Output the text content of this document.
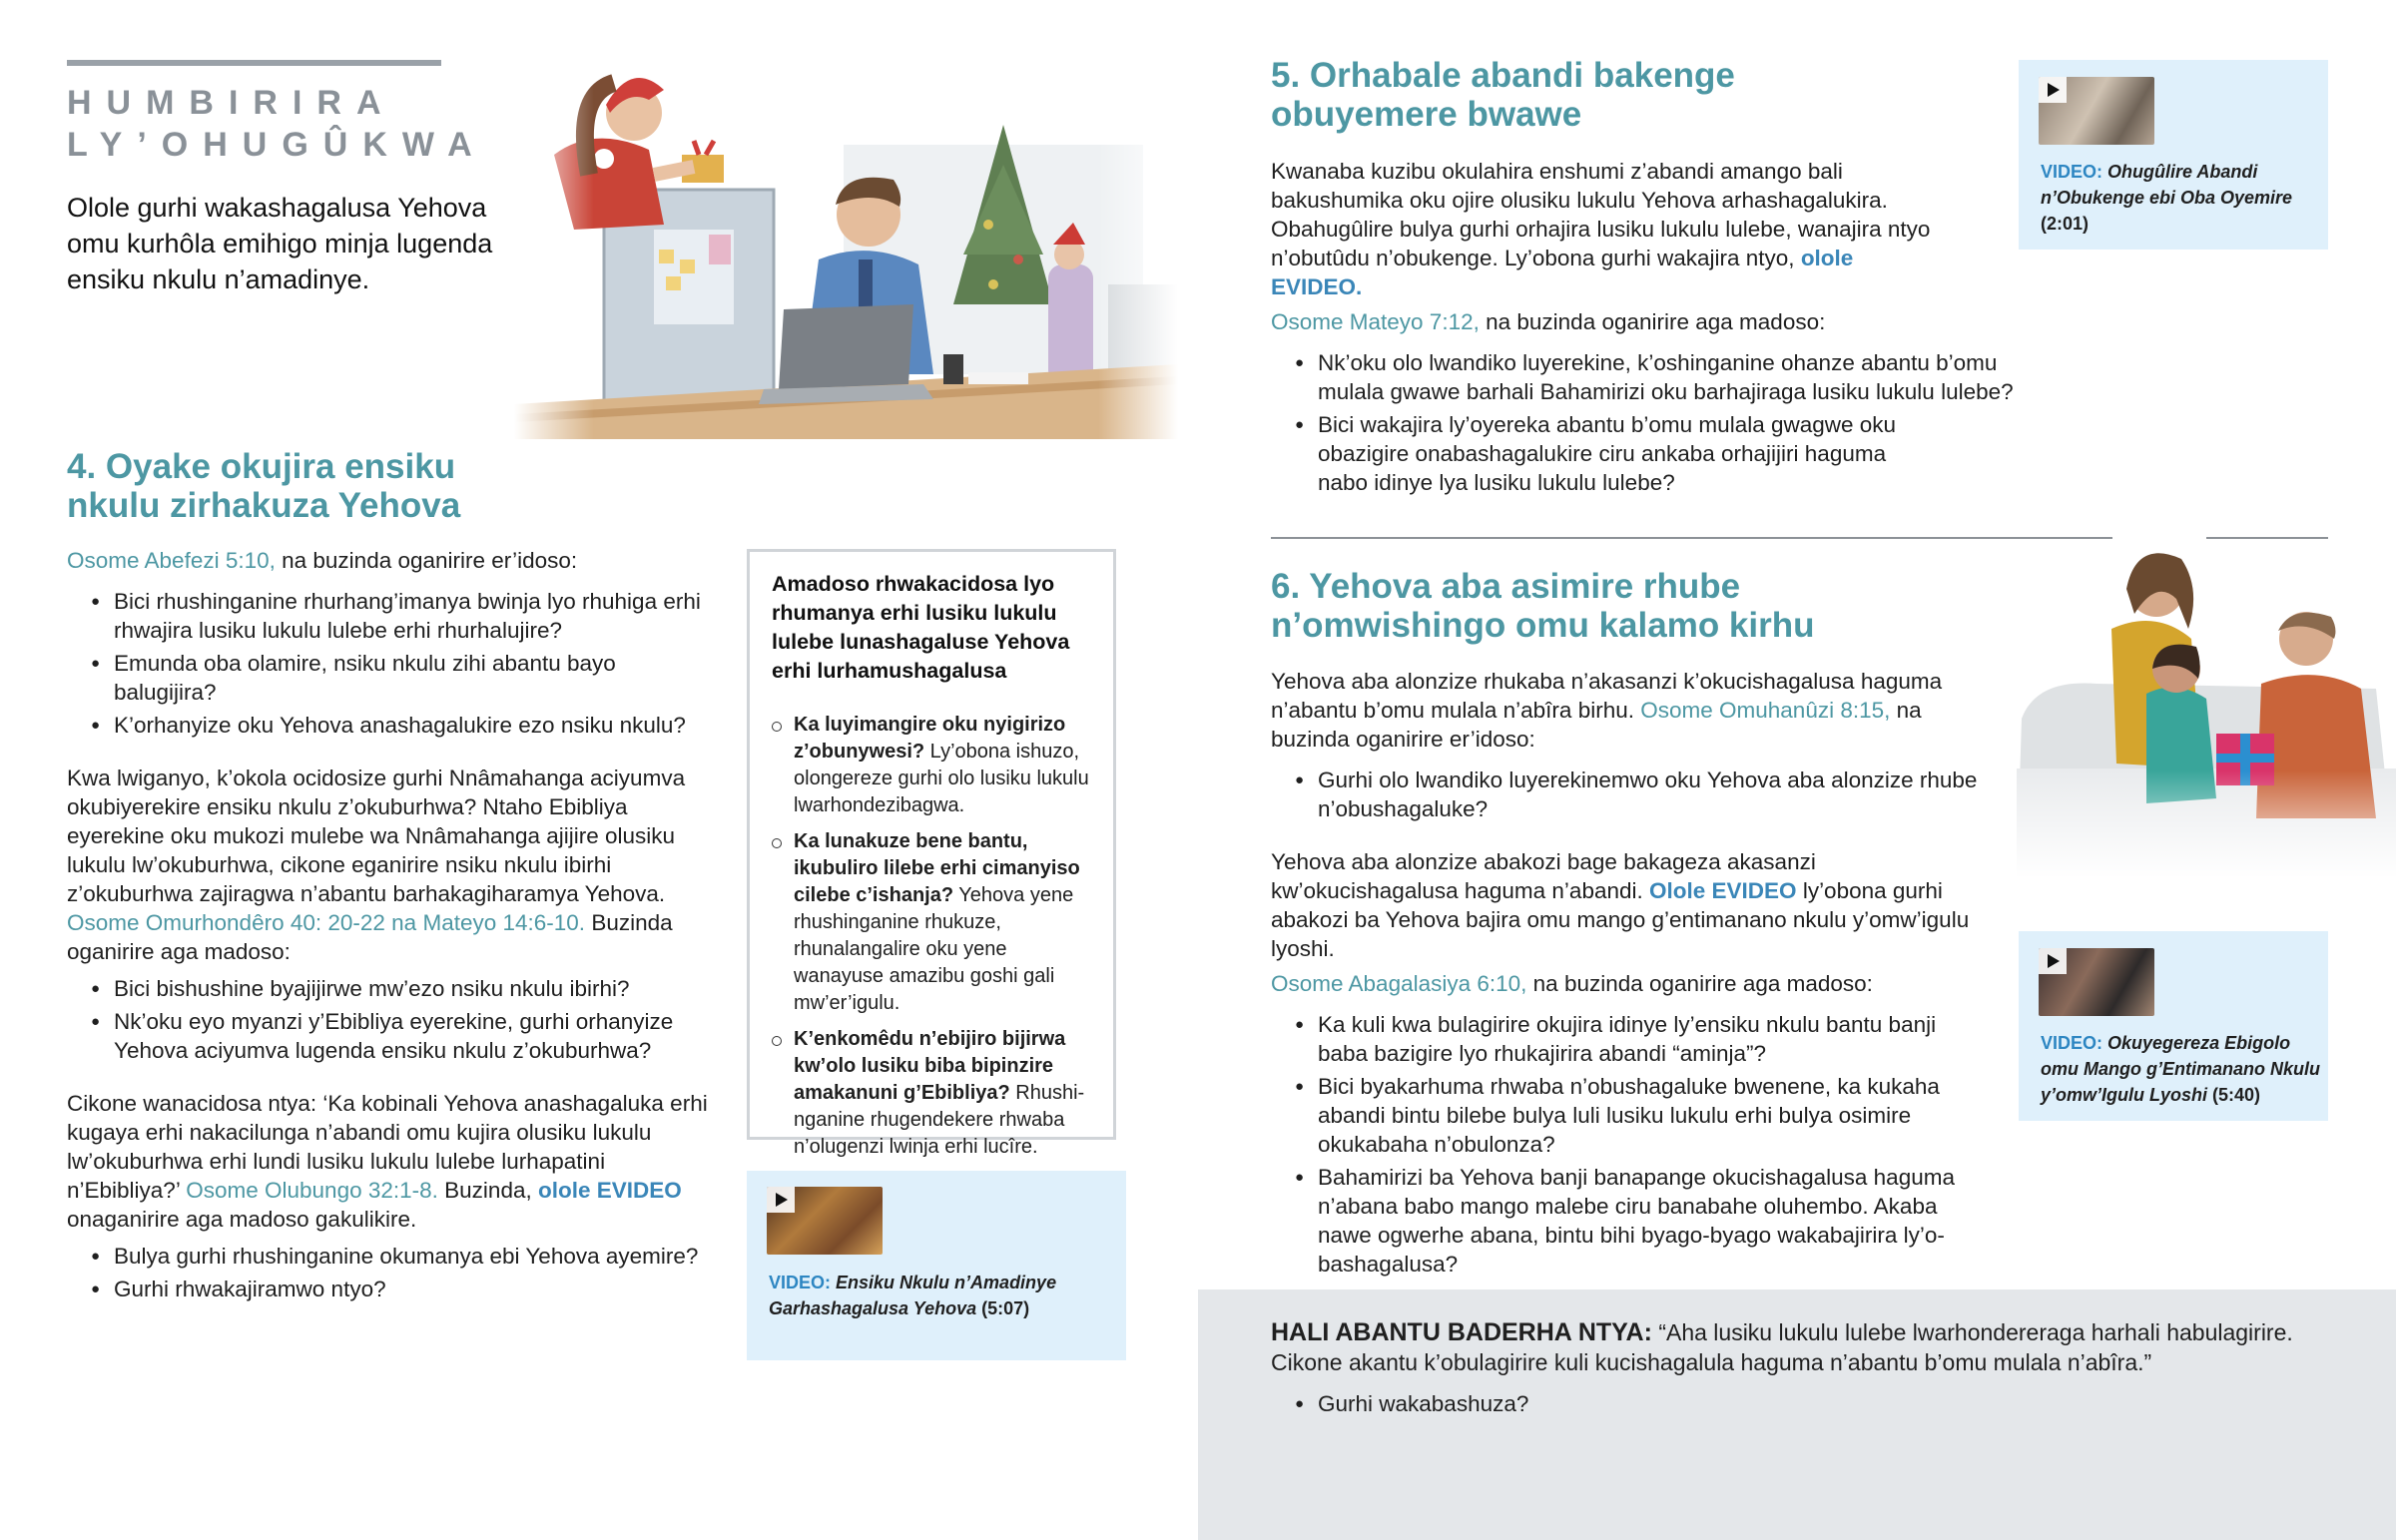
HUMBIRIRA
LY’OHUGÛKWA

Olole gurhi wakashagalusa Yehova omu kurhôla emihigo minja lugenda ensiku nkulu n’amadinye.

4. Oyake okujira ensiku
nkulu zirhakuza Yehova

Osome Abefezi 5:10, na buzinda oganirire er’idoso:

● Bici rhushinganine rhurhang’imanya bwinja lyo rhuhiga erhi rhwajira lusiku lukulu lulebe erhi rhurhalujire?
● Emunda oba olamire, nsiku nkulu zihi abantu bayo balugijira?
● K’orhanyize oku Yehova anashagalukire ezo nsiku nkulu?

Kwa lwiganyo, k’okola ocidosize gurhi Nnâmahanga aciyumva okubiyerekire ensiku nkulu z’okuburhwa? Ntaho Ebibliya eyerekine oku mukozi mulebe wa Nnâmahanga ajijire olusiku lukulu lw’okuburhwa, cikone eganirire nsiku nkulu ibirhi z’okuburhwa zajiragwa n’abantu barhakagiharamya Yehova. Osome Omurhondêro 40: 20-22 na Mateyo 14:6-10. Buzinda oganirire aga madoso:

● Bici bishushine byajijirwe mw’ezo nsiku nkulu ibirhi?
● Nk’oku eyo myanzi y’Ebibliya eyerekine, gurhi orhanyize Yehova aciyumva lugenda ensiku nkulu z’okuburhwa?

Cikone wanacidosa ntya: ‘Ka kobinali Yehova anashagaluka erhi kugaya erhi nakacilunga n’abandi omu kujira olusiku lukulu lw’okuburhwa erhi lundi lusiku lukulu lulebe lurhapatini n’Ebibliya?’ Osome Olubungo 32:1-8. Buzinda, olole EVIDEO onaganirire aga madoso gakulikire.

● Bulya gurhi rhushinganine okumanya ebi Yehova ayemire?
● Gurhi rhwakajiramwo ntyo?
Amadoso rhwakacidosa lyo rhumanya erhi lusiku lukulu lulebe lunashagaluse Yehova erhi lurhamushagalusa
Ka luyimangire oku nyigirizo z’obunywesi? Ly’obona ishuzo, olongereze gurhi olo lusiku lukulu lwarhondezibagwa.
Ka lunakuze bene bantu, ikubuliro lilebe erhi cimanyiso cilebe c’ishanja? Yehova yene rhushinganine rhukuze, rhunalangalire oku yene wanayuse amazibu goshi gali mw’er’igulu.
K’enkomêdu n’ebijiro bijirwa kw’olo lusiku biba bipinzire amakanuni g’Ebibliya? Rhushinganine rhugendekere rhwaba n’olugenzi lwinja erhi lucîre.
VIDEO: Ensiku Nkulu n’Amadinye Garhashagalusa Yehova (5:07)
5. Orhabale abandi bakenge
obuyemere bwawe
VIDEO: Ohugûlire Abandi n’Obukenge ebi Oba Oyemire (2:01)

Kwanaba kuzibu okulahira enshumi z’abandi amango bali bakushumika oku ojire olusiku lukulu Yehova arhashagalukira. Obahugûlire bulya gurhi orhajira lusiku lukulu lulebe, wanajira ntyo n’obutûdu n’obukenge. Ly’obona gurhi wakajira ntyo, olole EVIDEO.

Osome Mateyo 7:12, na buzinda oganirire aga madoso:

● Nk’oku olo lwandiko luyerekine, k’oshinganine ohanze abantu b’omu mulala gwawe barhali Bahamirizi oku barhajiraga lusiku lukulu lulebe?
● Bici wakajira ly’oyereka abantu b’omu mulala gwagwe oku obazigire onabashagalukire ciru ankaba orhajijiri haguma nabo idinye lya lusiku lukulu lulebe?
6. Yehova aba asimire rhube
n’omwishingo omu kalamo kirhu

Yehova aba alonzize rhukaba n’akasanzi k’okucishagalusa haguma n’abantu b’omu mulala n’abîra birhu. Osome Omuhanûzi 8:15, na buzinda oganirire er’idoso:

● Gurhi olo lwandiko luyerekinemwo oku Yehova aba alonzize rhube n’obushagaluke?

Yehova aba alonzize abakozi bage bakageza akasanzi kw’okucishagalusa haguma n’abandi. Olole EVIDEO ly’obona gurhi abakozi ba Yehova bajira omu mango g’entimanano nkulu y’omw’igulu lyoshi.

Osome Abagalasiya 6:10, na buzinda oganirire aga madoso:

● Ka kuli kwa bulagirire okujira idinye ly’ensiku nkulu bantu banji baba bazigire lyo rhukajirira abandi “aminja”?
● Bici byakarhuma rhwaba n’obushagaluke bwenene, ka kukaha abandi bintu bilebe bulya luli lusiku lukulu erhi bulya osimire okukabaha n’obulonza?
● Bahamirizi ba Yehova banji banapange okucishagalusa haguma n’abana babo mango malebe ciru banabahe oluhembo. Akaba nawe ogwerhe abana, bintu bihi byago-byago wakabajirira ly’obashagalusa?
VIDEO: Okuyegereza Ebigolo omu Mango g’Entimanano Nkulu y’omw’Igulu Lyoshi (5:40)

HALI ABANTU BADERHA NTYA: “Aha lusiku lukulu lulebe lwarhondereraga harhali habulagirire. Cikone akantu k’obulagirire kuli kucishagalula haguma n’abantu b’omu mulala n’abîra.”

● Gurhi wakabashuza?
